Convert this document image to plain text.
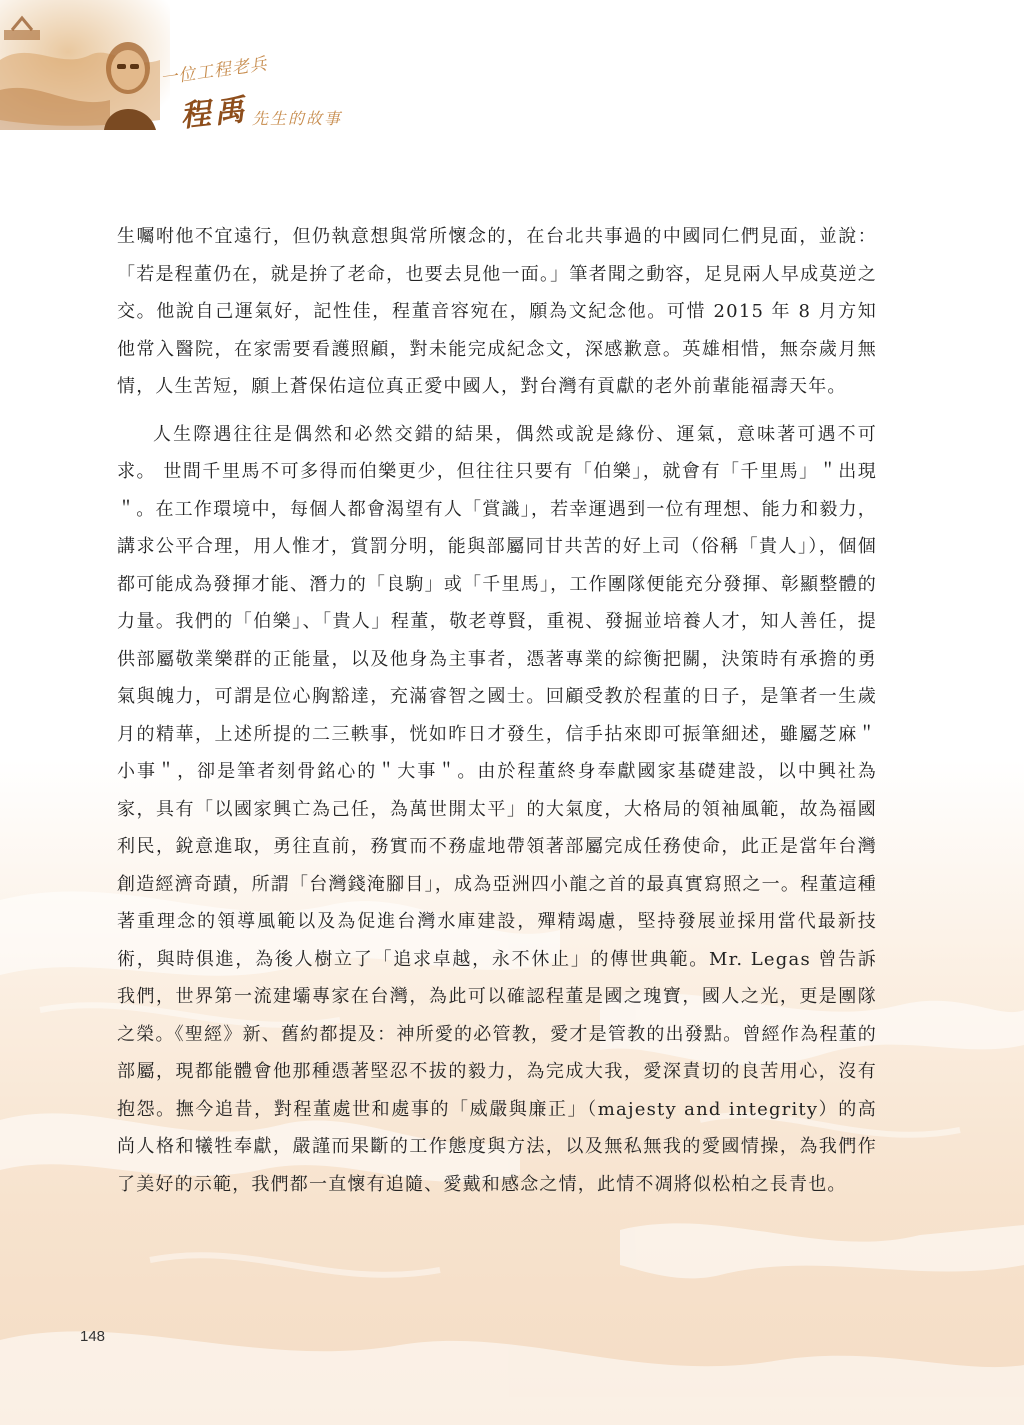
一位工程老兵
程禹 先生的故事

生囑咐他不宜遠行，但仍執意想與常所懷念的，在台北共事過的中國同仁們見面，並說：「若是程董仍在，就是拚了老命，也要去見他一面。」筆者聞之動容，足見兩人早成莫逆之交。他說自己運氣好，記性佳，程董音容宛在，願為文紀念他。可惜 2015 年 8 月方知他常入醫院，在家需要看護照顧，對未能完成紀念文，深感歉意。英雄相惜，無奈歲月無情，人生苦短，願上蒼保佑這位真正愛中國人，對台灣有貢獻的老外前輩能福壽天年。

人生際遇往往是偶然和必然交錯的結果，偶然或說是緣份、運氣，意味著可遇不可求。 世間千里馬不可多得而伯樂更少，但往往只要有「伯樂」，就會有「千里馬」＂出現＂。在工作環境中，每個人都會渴望有人「賞識」，若幸運遇到一位有理想、能力和毅力，講求公平合理，用人惟才，賞罰分明，能與部屬同甘共苦的好上司（俗稱「貴人」），個個都可能成為發揮才能、潛力的「良駒」或「千里馬」，工作團隊便能充分發揮、彰顯整體的力量。我們的「伯樂」、「貴人」程董，敬老尊賢，重視、發掘並培養人才，知人善任，提供部屬敬業樂群的正能量，以及他身為主事者，憑著專業的綜衡把關，決策時有承擔的勇氣與魄力，可謂是位心胸豁達，充滿睿智之國士。回顧受教於程董的日子，是筆者一生歲月的精華，上述所提的二三軼事，恍如昨日才發生，信手拈來即可振筆細述，雖屬芝麻＂小事＂，卻是筆者刻骨銘心的＂大事＂。由於程董終身奉獻國家基礎建設，以中興社為家，具有「以國家興亡為己任，為萬世開太平」的大氣度，大格局的領袖風範，故為福國利民，銳意進取，勇往直前，務實而不務虛地帶領著部屬完成任務使命，此正是當年台灣創造經濟奇蹟，所謂「台灣錢淹腳目」，成為亞洲四小龍之首的最真實寫照之一。程董這種著重理念的領導風範以及為促進台灣水庫建設，殫精竭慮，堅持發展並採用當代最新技術，與時俱進，為後人樹立了「追求卓越，永不休止」的傳世典範。Mr. Legas 曾告訴我們，世界第一流建壩專家在台灣，為此可以確認程董是國之瑰寶，國人之光，更是團隊之榮。《聖經》新、舊約都提及：神所愛的必管教，愛才是管教的出發點。曾經作為程董的部屬，現都能體會他那種憑著堅忍不拔的毅力，為完成大我，愛深責切的良苦用心，沒有抱怨。撫今追昔，對程董處世和處事的「威嚴與廉正」（majesty and integrity）的高尚人格和犧牲奉獻，嚴謹而果斷的工作態度與方法，以及無私無我的愛國情操，為我們作了美好的示範，我們都一直懷有追隨、愛戴和感念之情，此情不凋將似松柏之長青也。

148
